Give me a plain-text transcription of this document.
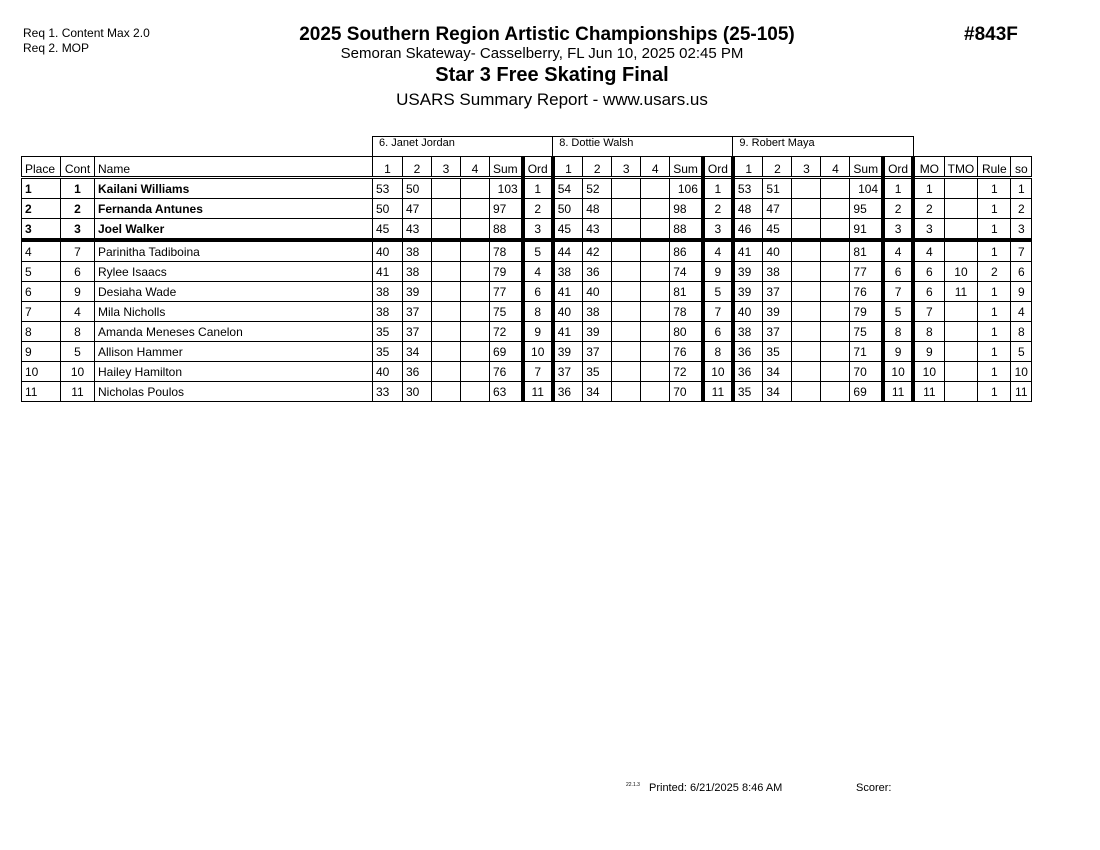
Req 1. Content Max 2.0
Req 2. MOP
2025 Southern Region Artistic Championships (25-105)
Semoran Skateway- Casselberry, FL Jun 10, 2025 02:45 PM
Star 3 Free Skating Final
USARS Summary Report - www.usars.us
#843F
			6. Janet Jordan						8. Dottie Walsh						9. Robert Maya									
Place	Cont	Name	1	2	3	4	Sum	Ord	1	2	3	4	Sum	Ord	1	2	3	4	Sum	Ord	MO	TMO	Rule	so
1	1	Kailani Williams	53	50			103	1	54	52			106	1	53	51			104	1	1		1	1
2	2	Fernanda Antunes	50	47			97	2	50	48			98	2	48	47			95	2	2		1	2
3	3	Joel Walker	45	43			88	3	45	43			88	3	46	45			91	3	3		1	3
4	7	Parinitha Tadiboina	40	38			78	5	44	42			86	4	41	40			81	4	4		1	7
5	6	Rylee Isaacs	41	38			79	4	38	36			74	9	39	38			77	6	6	10	2	6
6	9	Desiaha Wade	38	39			77	6	41	40			81	5	39	37			76	7	6	11	1	9
7	4	Mila Nicholls	38	37			75	8	40	38			78	7	40	39			79	5	7		1	4
8	8	Amanda Meneses Canelon	35	37			72	9	41	39			80	6	38	37			75	8	8		1	8
9	5	Allison Hammer	35	34			69	10	39	37			76	8	36	35			71	9	9		1	5
10	10	Hailey Hamilton	40	36			76	7	37	35			72	10	36	34			70	10	10		1	10
11	11	Nicholas Poulos	33	30			63	11	36	34			70	11	35	34			69	11	11		1	11
22.1.3 Printed: 6/21/2025 8:46 AM	Scorer:
